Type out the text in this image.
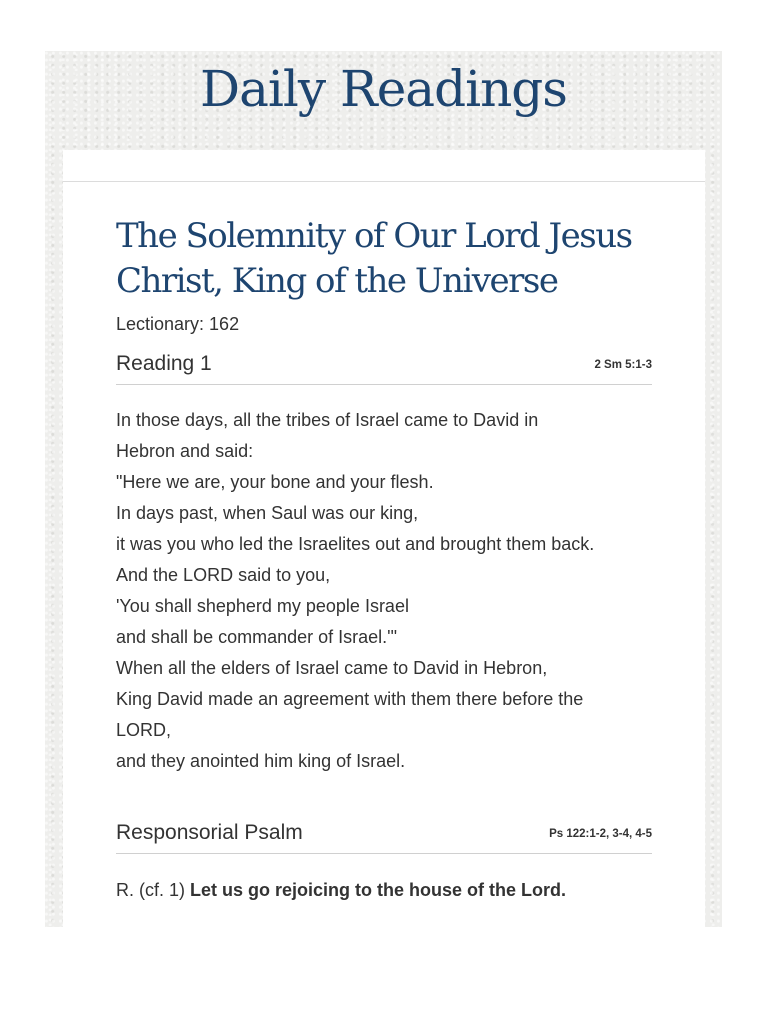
Daily Readings
The Solemnity of Our Lord Jesus
Christ, King of the Universe
Lectionary: 162
Reading 1	2 Sm 5:1-3
In those days, all the tribes of Israel came to David in
Hebron and said:
"Here we are, your bone and your flesh.
In days past, when Saul was our king,
it was you who led the Israelites out and brought them back.
And the LORD said to you,
'You shall shepherd my people Israel
and shall be commander of Israel.'"
When all the elders of Israel came to David in Hebron,
King David made an agreement with them there before the
LORD,
and they anointed him king of Israel.
Responsorial Psalm	Ps 122:1-2, 3-4, 4-5
R. (cf. 1) Let us go rejoicing to the house of the Lord.
